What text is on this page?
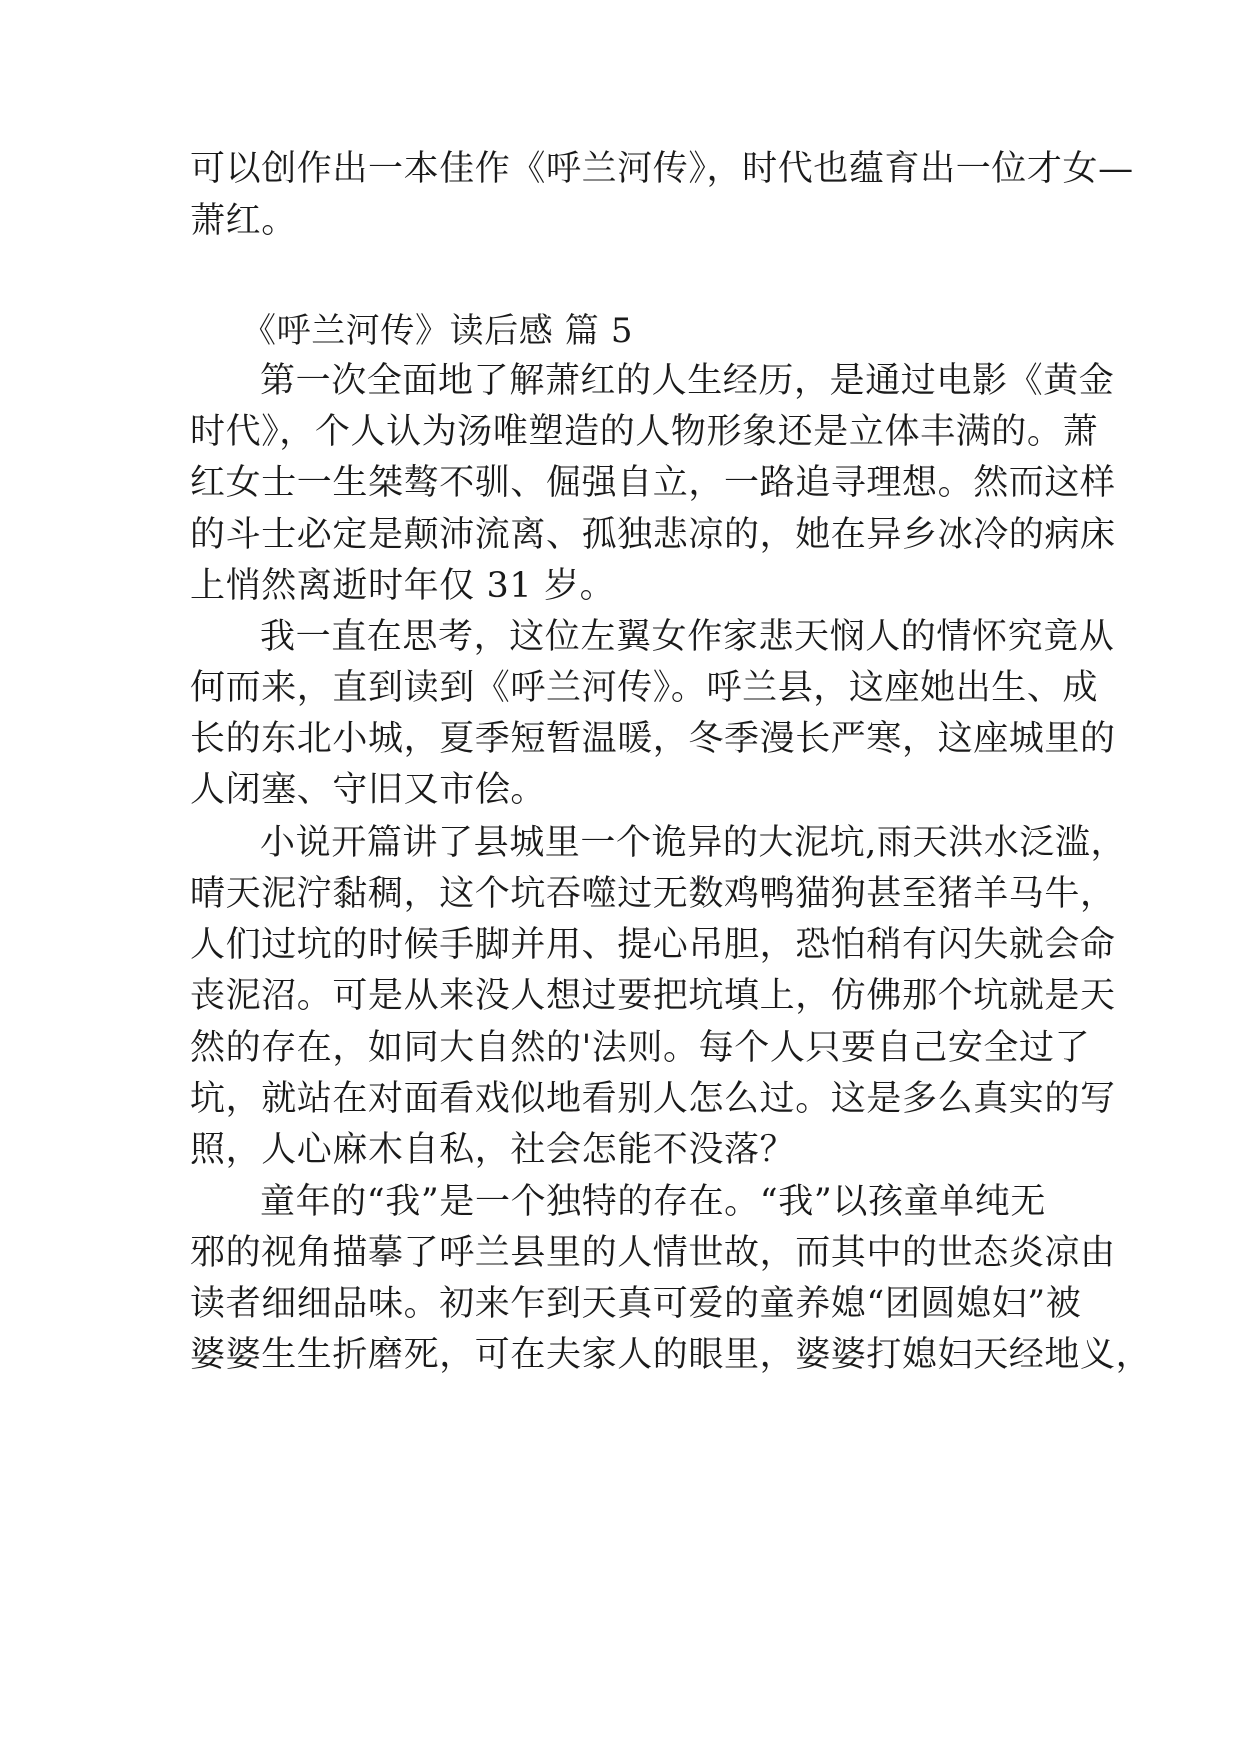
可以创作出一本佳作《呼兰河传》，时代也蕴育出一位才女—
萧红。
《呼兰河传》读后感 篇 5
第一次全面地了解萧红的人生经历，是通过电影《黄金
时代》，个人认为汤唯塑造的人物形象还是立体丰满的。萧
红女士一生桀骜不驯、倔强自立，一路追寻理想。然而这样
的斗士必定是颠沛流离、孤独悲凉的，她在异乡冰冷的病床
上悄然离逝时年仅 31 岁。
我一直在思考，这位左翼女作家悲天悯人的情怀究竟从
何而来，直到读到《呼兰河传》。呼兰县，这座她出生、成
长的东北小城，夏季短暂温暖，冬季漫长严寒，这座城里的
人闭塞、守旧又市侩。
小说开篇讲了县城里一个诡异的大泥坑,雨天洪水泛滥，
晴天泥泞黏稠，这个坑吞噬过无数鸡鸭猫狗甚至猪羊马牛，
人们过坑的时候手脚并用、提心吊胆，恐怕稍有闪失就会命
丧泥沼。可是从来没人想过要把坑填上，仿佛那个坑就是天
然的存在，如同大自然的'法则。每个人只要自己安全过了
坑，就站在对面看戏似地看别人怎么过。这是多么真实的写
照，人心麻木自私，社会怎能不没落？
童年的“我”是一个独特的存在。“我”以孩童单纯无
邪的视角描摹了呼兰县里的人情世故，而其中的世态炎凉由
读者细细品味。初来乍到天真可爱的童养媳“团圆媳妇”被
婆婆生生折磨死，可在夫家人的眼里，婆婆打媳妇天经地义，
